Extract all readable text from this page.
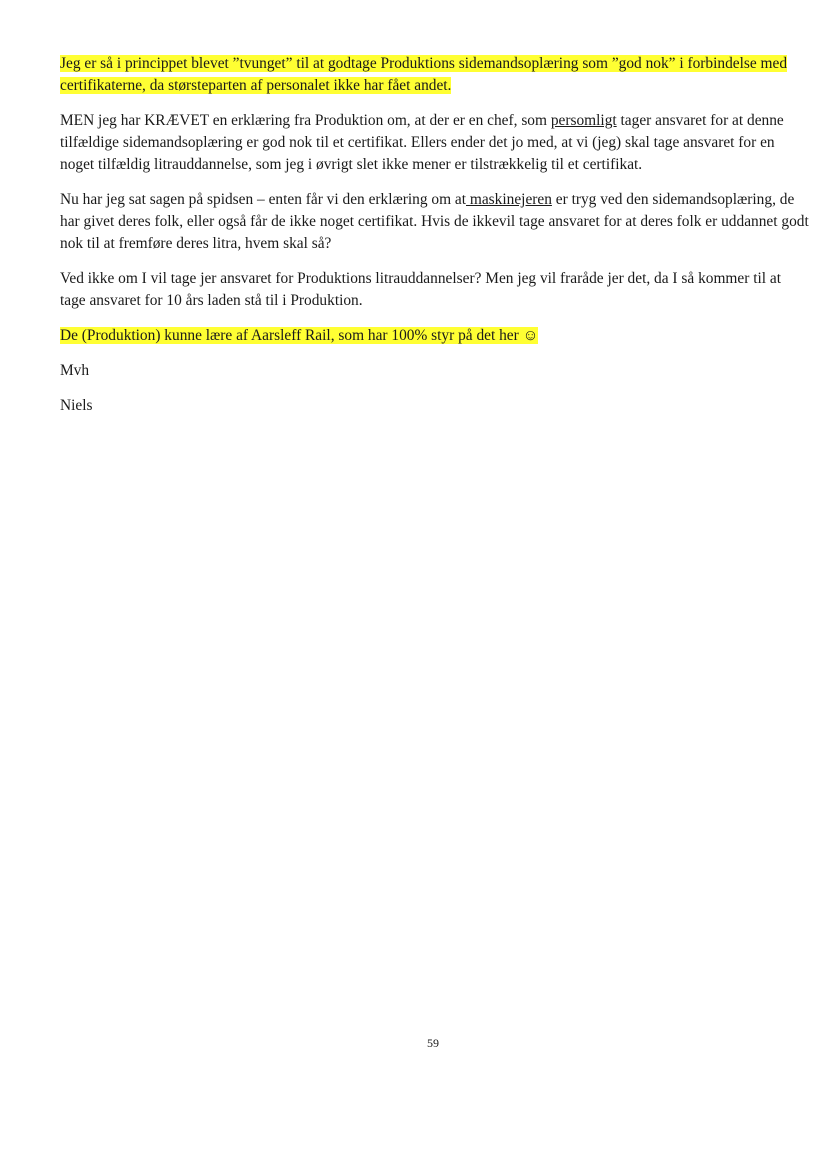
Jeg er så i princippet blevet ”tvunget” til at godtage Produktions sidemandsoplæring som ”god nok” i forbindelse med certifikaterne, da størsteparten af personalet ikke har fået andet.

MEN jeg har KRÆVET en erklæring fra Produktion om, at der er en chef, som persomligt tager ansvaret for at denne tilfældige sidemandsoplæring er god nok til et certifikat. Ellers ender det jo med, at vi (jeg) skal tage ansvaret for en noget tilfældig litrauddannelse, som jeg i øvrigt slet ikke mener er tilstrækkelig til et certifikat.

Nu har jeg sat sagen på spidsen – enten får vi den erklæring om at maskinejeren er tryg ved den sidemandsoplæring, de har givet deres folk, eller også får de ikke noget certifikat. Hvis de ikkevil tage ansvaret for at deres folk er uddannet godt nok til at fremføre deres litra, hvem skal så?

Ved ikke om I vil tage jer ansvaret for Produktions litrauddannelser? Men jeg vil fraråde jer det, da I så kommer til at tage ansvaret for 10 års laden stå til i Produktion.

De (Produktion) kunne lære af Aarsleff Rail, som har 100% styr på det her ☺

Mvh

Niels

59
